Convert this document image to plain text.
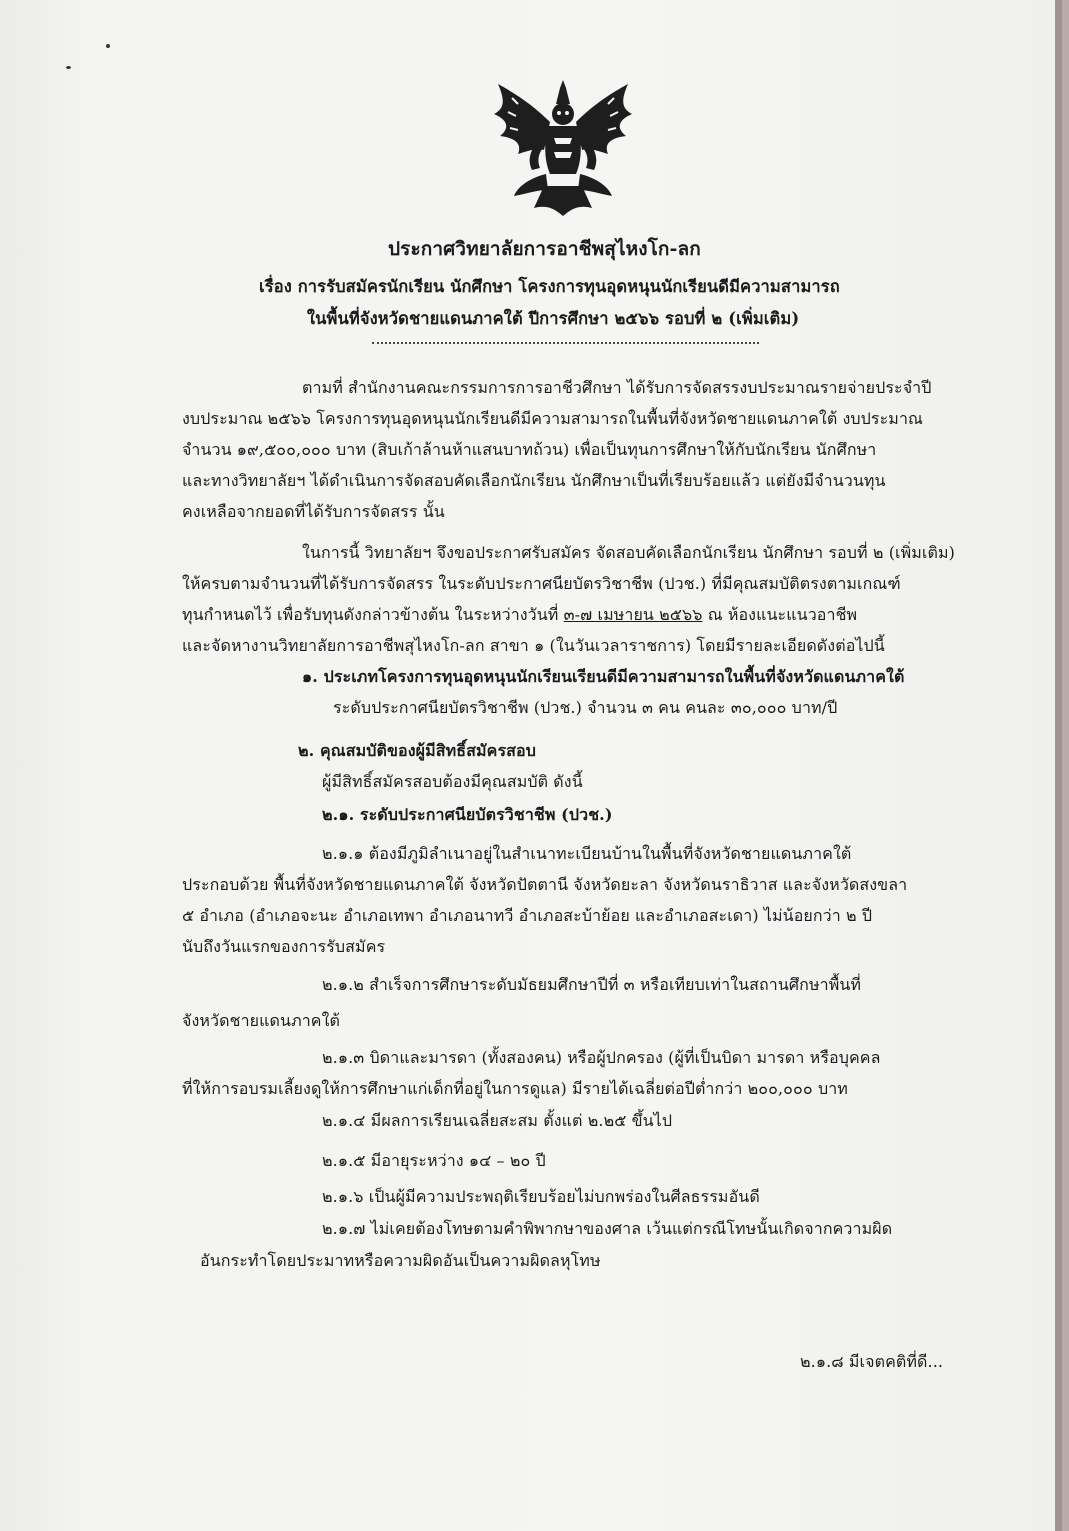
ประกาศวิทยาลัยการอาชีพสุไหงโก-ลก
เรื่อง การรับสมัครนักเรียน นักศึกษา โครงการทุนอุดหนุนนักเรียนดีมีความสามารถ
ในพื้นที่จังหวัดชายแดนภาคใต้ ปีการศึกษา ๒๕๖๖ รอบที่ ๒ (เพิ่มเติม)
ตามที่ สำนักงานคณะกรรมการการอาชีวศึกษา ได้รับการจัดสรรงบประมาณรายจ่ายประจำปี
งบประมาณ ๒๕๖๖ โครงการทุนอุดหนุนนักเรียนดีมีความสามารถในพื้นที่จังหวัดชายแดนภาคใต้ งบประมาณ
จำนวน ๑๙,๕๐๐,๐๐๐ บาท (สิบเก้าล้านห้าแสนบาทถ้วน) เพื่อเป็นทุนการศึกษาให้กับนักเรียน นักศึกษา
และทางวิทยาลัยฯ ได้ดำเนินการจัดสอบคัดเลือกนักเรียน นักศึกษาเป็นที่เรียบร้อยแล้ว แต่ยังมีจำนวนทุน
คงเหลือจากยอดที่ได้รับการจัดสรร นั้น
ในการนี้ วิทยาลัยฯ จึงขอประกาศรับสมัคร จัดสอบคัดเลือกนักเรียน นักศึกษา รอบที่ ๒ (เพิ่มเติม)
ให้ครบตามจำนวนที่ได้รับการจัดสรร ในระดับประกาศนียบัตรวิชาชีพ (ปวช.) ที่มีคุณสมบัติตรงตามเกณฑ์
ทุนกำหนดไว้ เพื่อรับทุนดังกล่าวข้างต้น ในระหว่างวันที่ ๓-๗ เมษายน ๒๕๖๖ ณ ห้องแนะแนวอาชีพ
และจัดหางานวิทยาลัยการอาชีพสุไหงโก-ลก สาขา ๑ (ในวันเวลาราชการ) โดยมีรายละเอียดดังต่อไปนี้
๑. ประเภทโครงการทุนอุดหนุนนักเรียนเรียนดีมีความสามารถในพื้นที่จังหวัดแดนภาคใต้
ระดับประกาศนียบัตรวิชาชีพ (ปวช.) จำนวน ๓ คน คนละ ๓๐,๐๐๐ บาท/ปี
๒. คุณสมบัติของผู้มีสิทธิ์สมัครสอบ
ผู้มีสิทธิ์สมัครสอบต้องมีคุณสมบัติ ดังนี้
๒.๑. ระดับประกาศนียบัตรวิชาชีพ (ปวช.)
๒.๑.๑ ต้องมีภูมิลำเนาอยู่ในสำเนาทะเบียนบ้านในพื้นที่จังหวัดชายแดนภาคใต้
ประกอบด้วย พื้นที่จังหวัดชายแดนภาคใต้ จังหวัดปัตตานี จังหวัดยะลา จังหวัดนราธิวาส และจังหวัดสงขลา
๕ อำเภอ (อำเภอจะนะ อำเภอเทพา อำเภอนาทวี อำเภอสะบ้าย้อย และอำเภอสะเดา) ไม่น้อยกว่า ๒ ปี
นับถึงวันแรกของการรับสมัคร
๒.๑.๒ สำเร็จการศึกษาระดับมัธยมศึกษาปีที่ ๓ หรือเทียบเท่าในสถานศึกษาพื้นที่
จังหวัดชายแดนภาคใต้
๒.๑.๓ บิดาและมารดา (ทั้งสองคน) หรือผู้ปกครอง (ผู้ที่เป็นบิดา มารดา หรือบุคคล
ที่ให้การอบรมเลี้ยงดูให้การศึกษาแก่เด็กที่อยู่ในการดูแล) มีรายได้เฉลี่ยต่อปีต่ำกว่า ๒๐๐,๐๐๐ บาท
๒.๑.๔ มีผลการเรียนเฉลี่ยสะสม ตั้งแต่ ๒.๒๕ ขึ้นไป
๒.๑.๕ มีอายุระหว่าง ๑๔ – ๒๐ ปี
๒.๑.๖ เป็นผู้มีความประพฤติเรียบร้อยไม่บกพร่องในศีลธรรมอันดี
๒.๑.๗ ไม่เคยต้องโทษตามคำพิพากษาของศาล เว้นแต่กรณีโทษนั้นเกิดจากความผิด
อันกระทำโดยประมาทหรือความผิดอันเป็นความผิดลหุโทษ
๒.๑.๘ มีเจตคติที่ดี...
